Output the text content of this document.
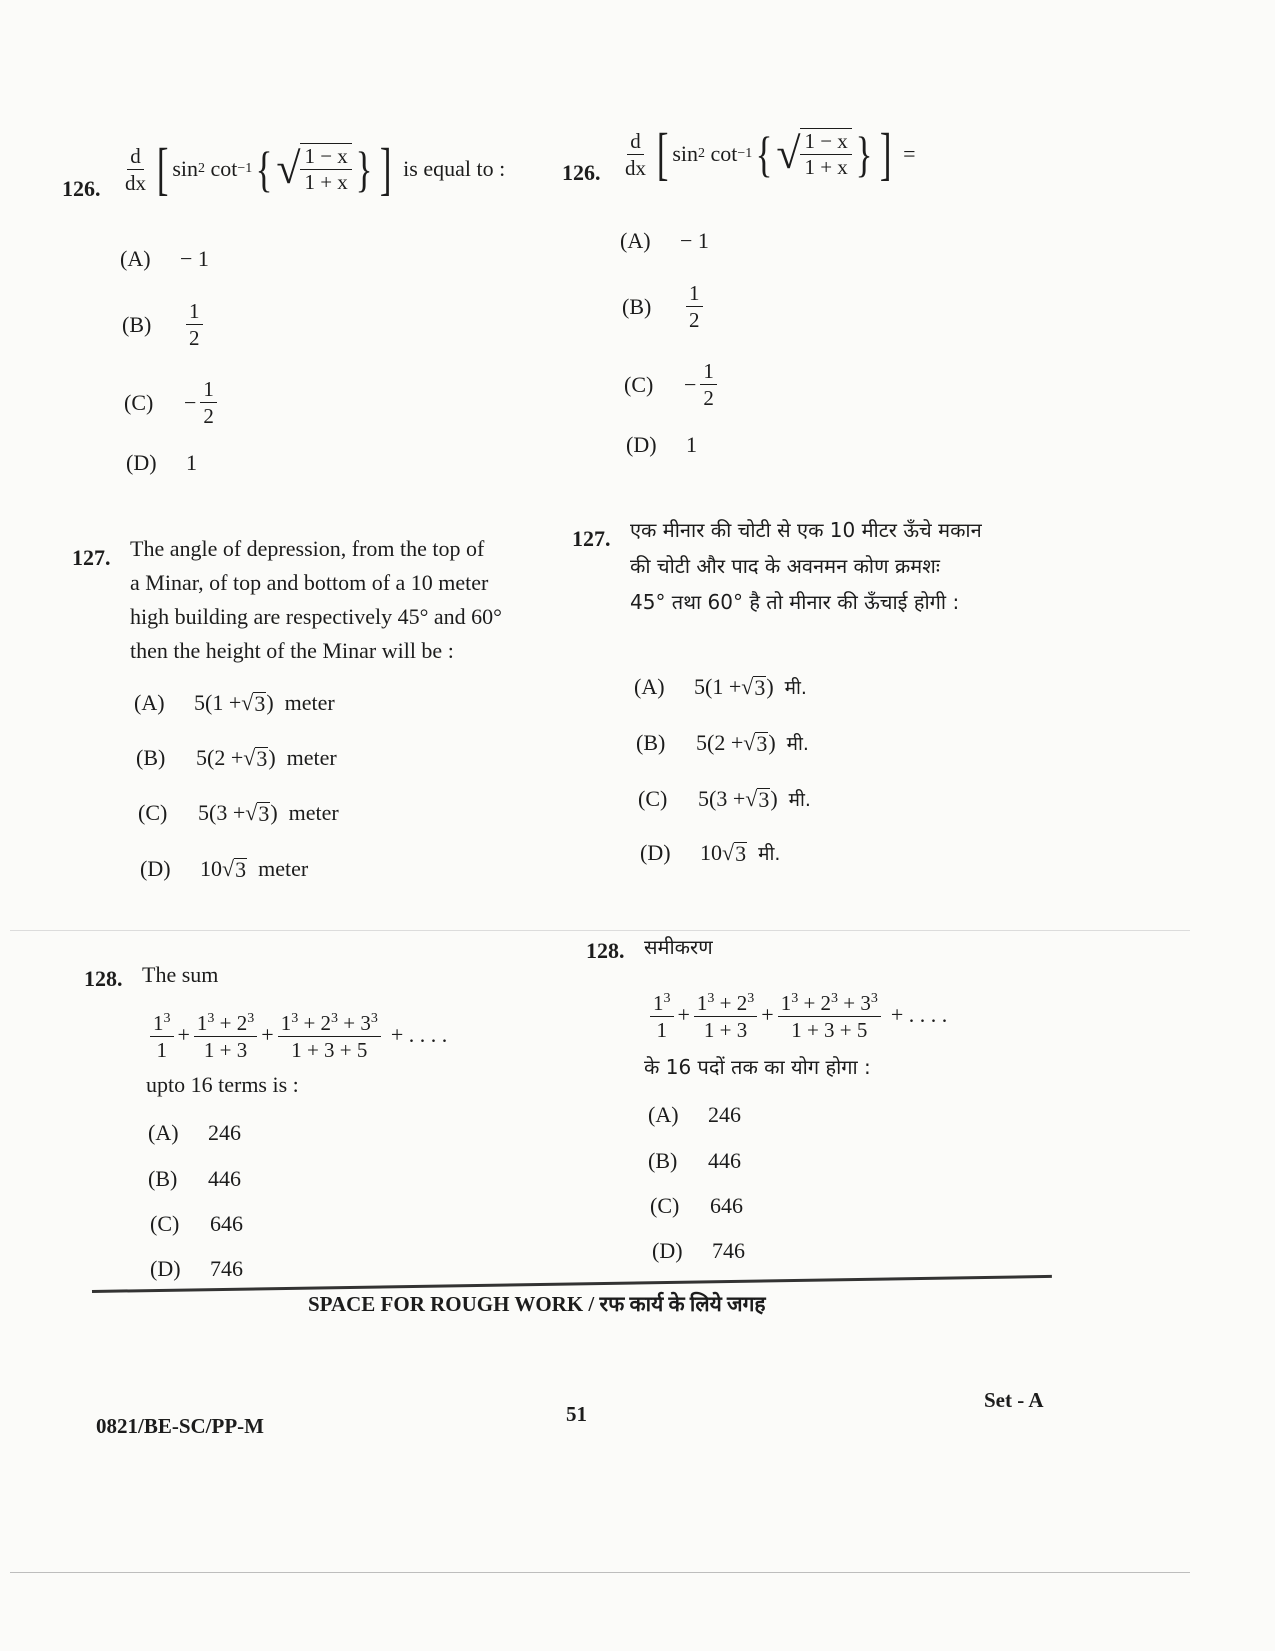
126. $\frac{d}{dx}$ [ sin 2
cot −1 { √ 1 − x
1 + x } ] is equal to :
(A)	− 1
(B)	$\frac{1}{2}$
(C)	− $\frac{1}{2}$
(D)	1
126. $\frac{d}{dx}$ [ sin 2
cot −1 { √ 1 − x
1 + x } ] =
(A)	− 1
(B)	$\frac{1}{2}$
(C)	− $\frac{1}{2}$
(D)	1
127. The angle of depression, from the top of
a Minar, of top and bottom of a 10 meter
high building are respectively 45° and 60°
then the height of the Minar will be :
(A)	5(1 + √ 3 )
meter
(B)	5(2 + √ 3 )
meter
(C)	5(3 + √ 3 )
meter
(D)	10 √ 3
meter
127. एक मीनार की चोटी से एक 10 मीटर ऊँचे मकान
की चोटी और पाद के अवनमन कोण क्रमशः
45° तथा 60° है तो मीनार की ऊँचाई होगी :
(A)	5(1 + √ 3 )
मी.
(B)	5(2 + √ 3 )
मी.
(C)	5(3 + √ 3 )
मी.
(D)	10 √ 3
मी.
128. The sum
$\frac{1^3}{1} + \frac{1^3 + 2^3}{1 + 3} + \frac{1^3 + 2^3 + 3^3}{1 + 3 + 5}$ + . . . .
upto 16 terms is :
(A)	246
(B)	446
(C)	646
(D)	746
128. समीकरण
$\frac{1^3}{1} + \frac{1^3 + 2^3}{1 + 3} + \frac{1^3 + 2^3 + 3^3}{1 + 3 + 5}$ + . . . .
के 16 पदों तक का योग होगा :
(A)	246
(B)	446
(C)	646
(D)	746
SPACE FOR ROUGH WORK / रफ कार्य के लिये जगह
0821/BE-SC/PP-M	51
Set - A
